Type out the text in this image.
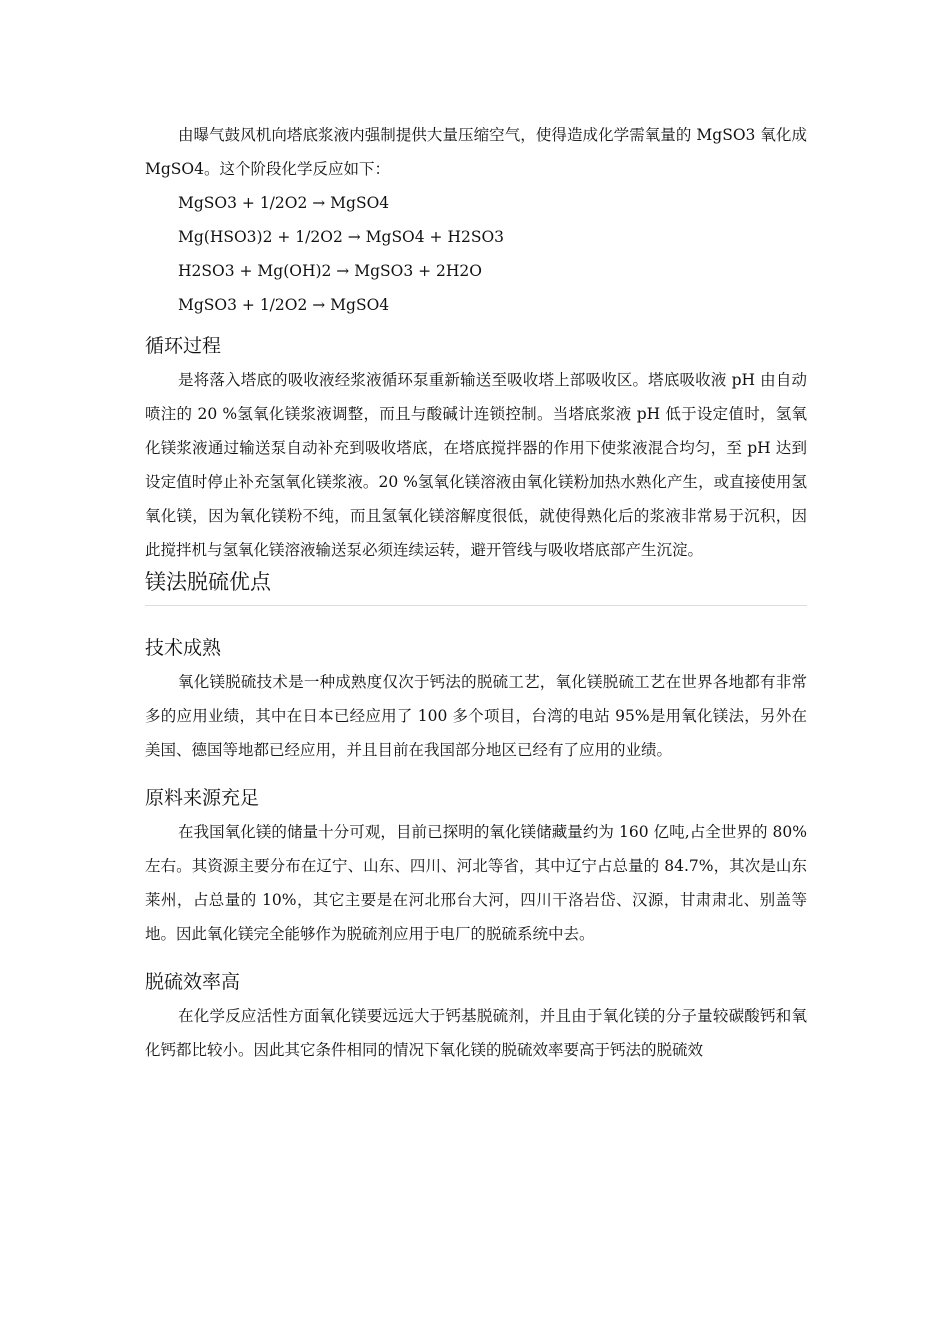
由曝气鼓风机向塔底浆液内强制提供大量压缩空气，使得造成化学需氧量的 MgSO3 氧化成 MgSO4。这个阶段化学反应如下：

MgSO3 + 1/2O2 → MgSO4
Mg(HSO3)2 + 1/2O2 → MgSO4 + H2SO3
H2SO3 + Mg(OH)2 → MgSO3 + 2H2O
MgSO3 + 1/2O2 → MgSO4
循环过程

是将落入塔底的吸收液经浆液循环泵重新输送至吸收塔上部吸收区。塔底吸收液 pH 由自动喷注的 20 %氢氧化镁浆液调整，而且与酸碱计连锁控制。当塔底浆液 pH 低于设定值时，氢氧化镁浆液通过输送泵自动补充到吸收塔底，在塔底搅拌器的作用下使浆液混合均匀，至 pH 达到设定值时停止补充氢氧化镁浆液。20 %氢氧化镁溶液由氧化镁粉加热水熟化产生，或直接使用氢氧化镁，因为氧化镁粉不纯，而且氢氧化镁溶解度很低，就使得熟化后的浆液非常易于沉积，因此搅拌机与氢氧化镁溶液输送泵必须连续运转，避开管线与吸收塔底部产生沉淀。

镁法脱硫优点
技术成熟

氧化镁脱硫技术是一种成熟度仅次于钙法的脱硫工艺，氧化镁脱硫工艺在世界各地都有非常多的应用业绩，其中在日本已经应用了 100 多个项目，台湾的电站 95%是用氧化镁法，另外在美国、德国等地都已经应用，并且目前在我国部分地区已经有了应用的业绩。

原料来源充足

在我国氧化镁的储量十分可观，目前已探明的氧化镁储藏量约为 160 亿吨,占全世界的 80%左右。其资源主要分布在辽宁、山东、四川、河北等省，其中辽宁占总量的 84.7%，其次是山东莱州，占总量的 10%，其它主要是在河北邢台大河，四川干洛岩岱、汉源，甘肃肃北、别盖等地。因此氧化镁完全能够作为脱硫剂应用于电厂的脱硫系统中去。

脱硫效率高

在化学反应活性方面氧化镁要远远大于钙基脱硫剂，并且由于氧化镁的分子量较碳酸钙和氧化钙都比较小。因此其它条件相同的情况下氧化镁的脱硫效率要高于钙法的脱硫效
